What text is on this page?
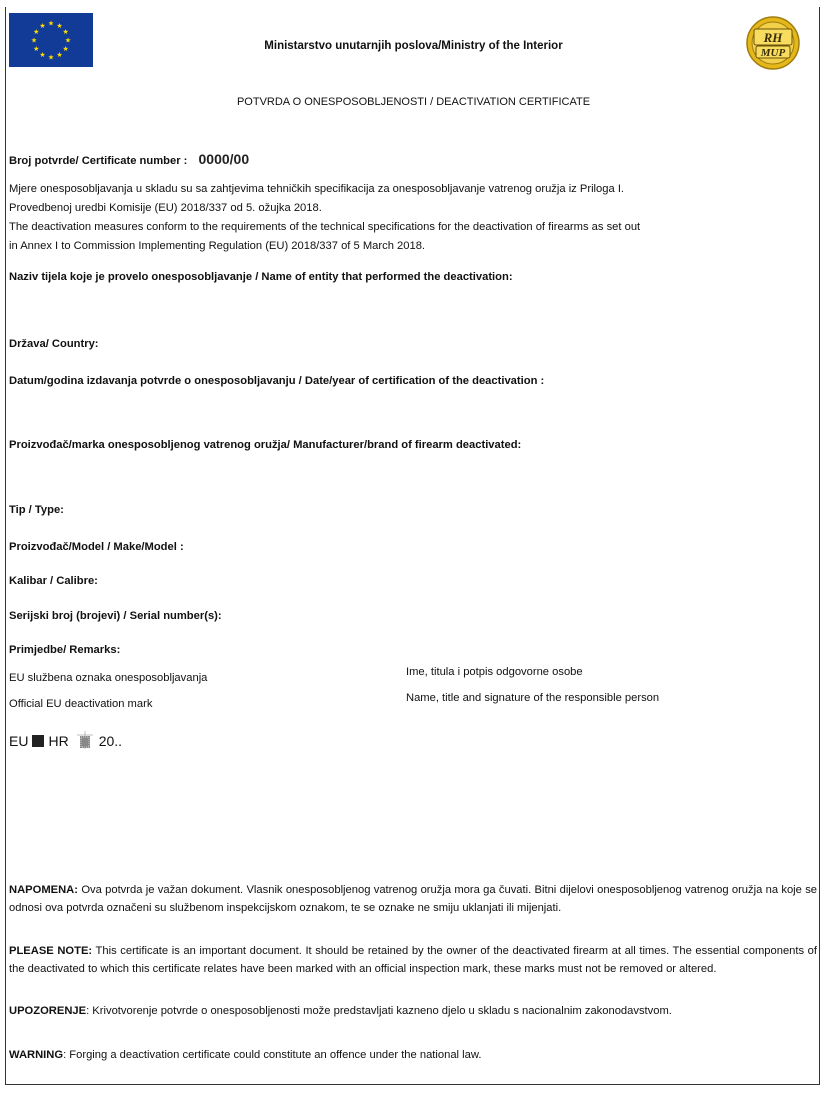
★ ★
★
★
★
★
★
★
★
★
★
★
Ministarstvo unutarnjih poslova/Ministry of the Interior
RH
MUP
POTVRDA O ONESPOSOBLJENOSTI / DEACTIVATION CERTIFICATE
Broj potvrde/ Certificate number : 0000/00
Mjere onesposobljavanja u skladu su sa zahtjevima tehničkih specifikacija za onesposobljavanje vatrenog oružja iz Priloga I.
Provedbenoj uredbi Komisije (EU) 2018/337 od 5. ožujka 2018.
The deactivation measures conform to the requirements of the technical specifications for the deactivation of firearms as set out
in Annex I to Commission Implementing Regulation (EU) 2018/337 of 5 March 2018.
Naziv tijela koje je provelo onesposobljavanje / Name of entity that performed the deactivation:
Država/ Country:
Datum/godina izdavanja potvrde o onesposobljavanju / Date/year of certification of the deactivation :
Proizvođač/marka onesposobljenog vatrenog oružja/ Manufacturer/brand of firearm deactivated:
Tip / Type:
Proizvođač/Model / Make/Model :
Kalibar / Calibre:
Serijski broj (brojevi) / Serial number(s):
Primjedbe/ Remarks:
EU službena oznaka onesposobljavanja
Official EU deactivation mark
Ime, titula i potpis odgovorne osobe
Name, title and signature of the responsible person
EU HR 20..
NAPOMENA: Ova potvrda je važan dokument. Vlasnik onesposobljenog vatrenog oružja mora ga čuvati. Bitni dijelovi onesposobljenog vatrenog oružja na koje se odnosi ova potvrda označeni su službenom inspekcijskom oznakom, te se oznake ne smiju uklanjati ili mijenjati.
PLEASE NOTE: This certificate is an important document. It should be retained by the owner of the deactivated firearm at all times. The essential components of the deactivated to which this certificate relates have been marked with an official inspection mark, these marks must not be removed or altered.
UPOZORENJE: Krivotvorenje potvrde o onesposobljenosti može predstavljati kazneno djelo u skladu s nacionalnim zakonodavstvom.
WARNING: Forging a deactivation certificate could constitute an offence under the national law.
